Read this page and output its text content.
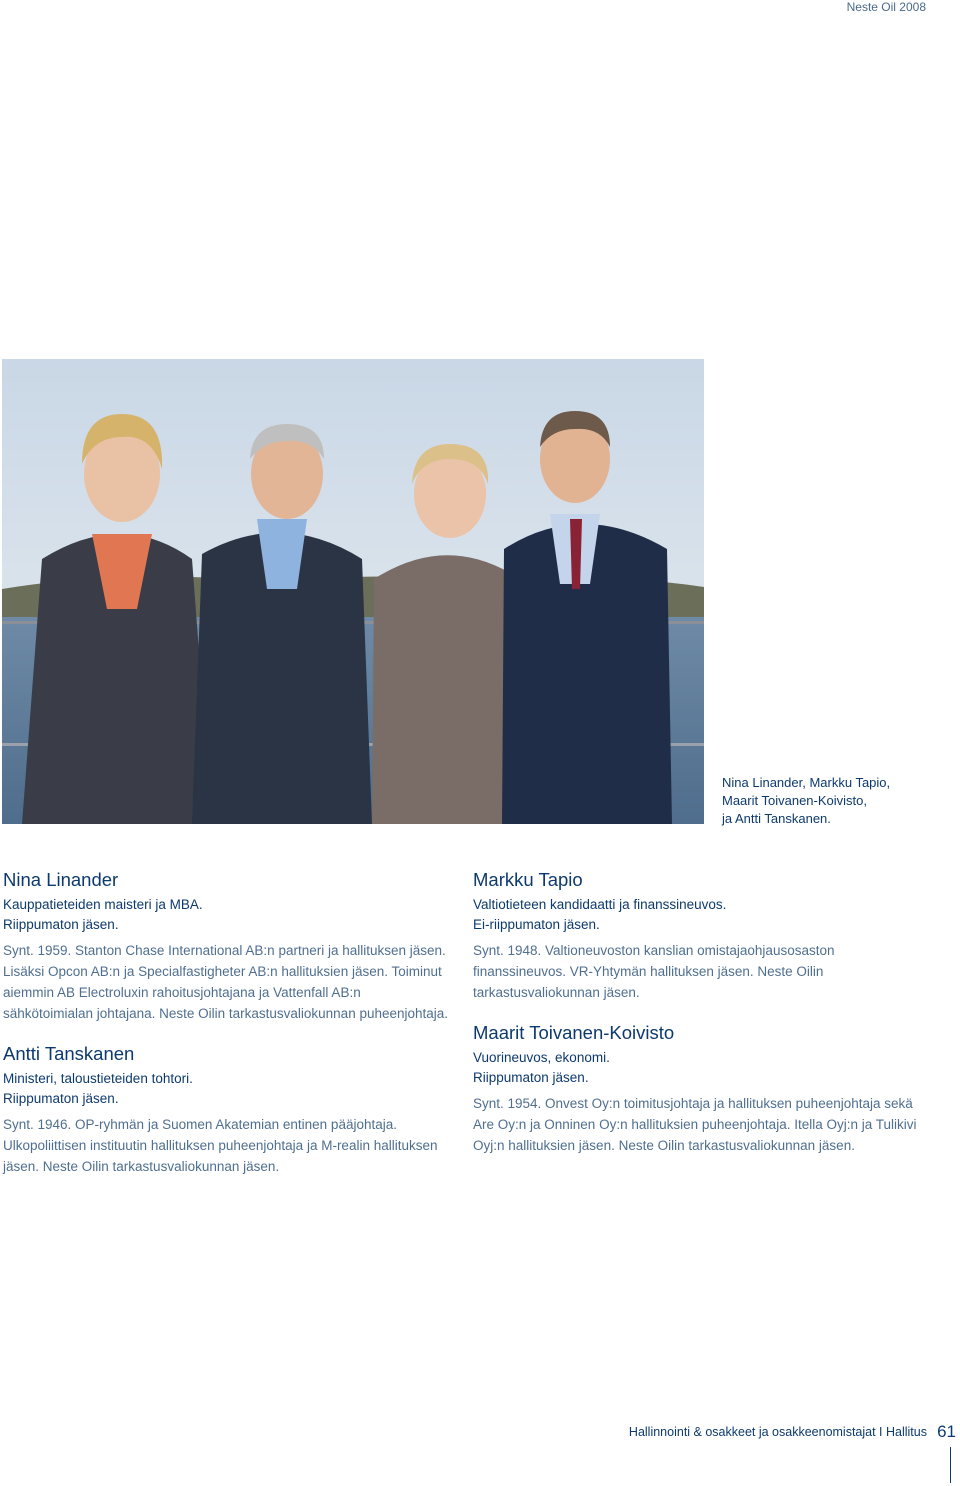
Neste Oil 2008
Nina Linander, Markku Tapio,
Maarit Toivanen-Koivisto,
ja Antti Tanskanen.
Nina Linander
Kauppatieteiden maisteri ja MBA.
Riippumaton jäsen.

Synt. 1959. Stanton Chase International AB:n partneri ja hallituksen jäsen. Lisäksi Opcon AB:n ja Specialfastigheter AB:n hallituksien jäsen. Toiminut aiemmin AB Electroluxin rahoitusjohtajana ja Vattenfall AB:n sähkötoimialan johtajana. Neste Oilin tarkastusvaliokunnan puheenjohtaja.

Antti Tanskanen
Ministeri, taloustieteiden tohtori.
Riippumaton jäsen.

Synt. 1946. OP-ryhmän ja Suomen Akatemian entinen pääjohtaja. Ulkopoliittisen instituutin hallituksen puheenjohtaja ja M-realin hallituksen jäsen. Neste Oilin tarkastusvaliokunnan jäsen.

Markku Tapio
Valtiotieteen kandidaatti ja finanssineuvos.
Ei-riippumaton jäsen.

Synt. 1948. Valtioneuvoston kanslian omistajaohjausosaston finanssineuvos. VR-Yhtymän hallituksen jäsen. Neste Oilin tarkastusvaliokunnan jäsen.

Maarit Toivanen-Koivisto
Vuorineuvos, ekonomi.
Riippumaton jäsen.

Synt. 1954. Onvest Oy:n toimitusjohtaja ja hallituksen puheenjohtaja sekä Are Oy:n ja Onninen Oy:n hallituksien puheenjohtaja. Itella Oyj:n ja Tulikivi Oyj:n hallituksien jäsen. Neste Oilin tarkastusvaliokunnan jäsen.

Hallinnointi & osakkeet ja osakkeenomistajat I Hallitus 61
